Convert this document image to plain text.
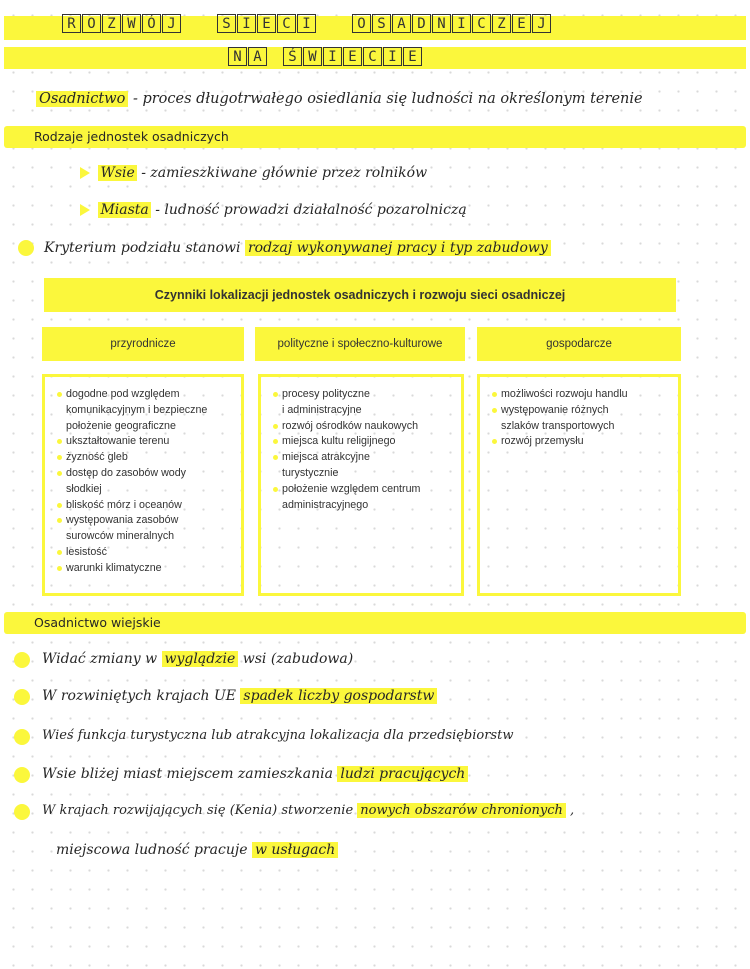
R O Z W Ó J	S I E C I	O S A D N I C Z E J
N A	Ś W I E C I E
Osadnictwo - proces długotrwałego osiedlania się ludności na określonym terenie
Rodzaje jednostek osadniczych
Wsie - zamieszkiwane głównie przez rolników
Miasta - ludność prowadzi działalność pozarolniczą
Kryterium podziału stanowi rodzaj wykonywanej pracy i typ zabudowy
Czynniki lokalizacji jednostek osadniczych i rozwoju sieci osadniczej
przyrodnicze	polityczne i społeczno-kulturowe	gospodarcze
dogodne pod względem
komunikacyjnym i bezpieczne
położenie geograficzne
ukształtowanie terenu
żyzność gleb
dostęp do zasobów wody
słodkiej
bliskość mórz i oceanów
występowania zasobów
surowców mineralnych
lesistość
warunki klimatyczne
procesy polityczne
i administracyjne
rozwój ośrodków naukowych
miejsca kultu religijnego
miejsca atrakcyjne
turystycznie
położenie względem centrum
administracyjnego
możliwości rozwoju handlu
występowanie różnych
szlaków transportowych
rozwój przemysłu
Osadnictwo wiejskie
Widać zmiany w wyglądzie wsi (zabudowa)
W rozwiniętych krajach UE spadek liczby gospodarstw
Wieś funkcja turystyczna lub atrakcyjna lokalizacja dla przedsiębiorstw
Wsie bliżej miast miejscem zamieszkania ludzi pracujących
W krajach rozwijających się (Kenia) stworzenie nowych obszarów chronionych ,
miejscowa ludność pracuje w usługach
